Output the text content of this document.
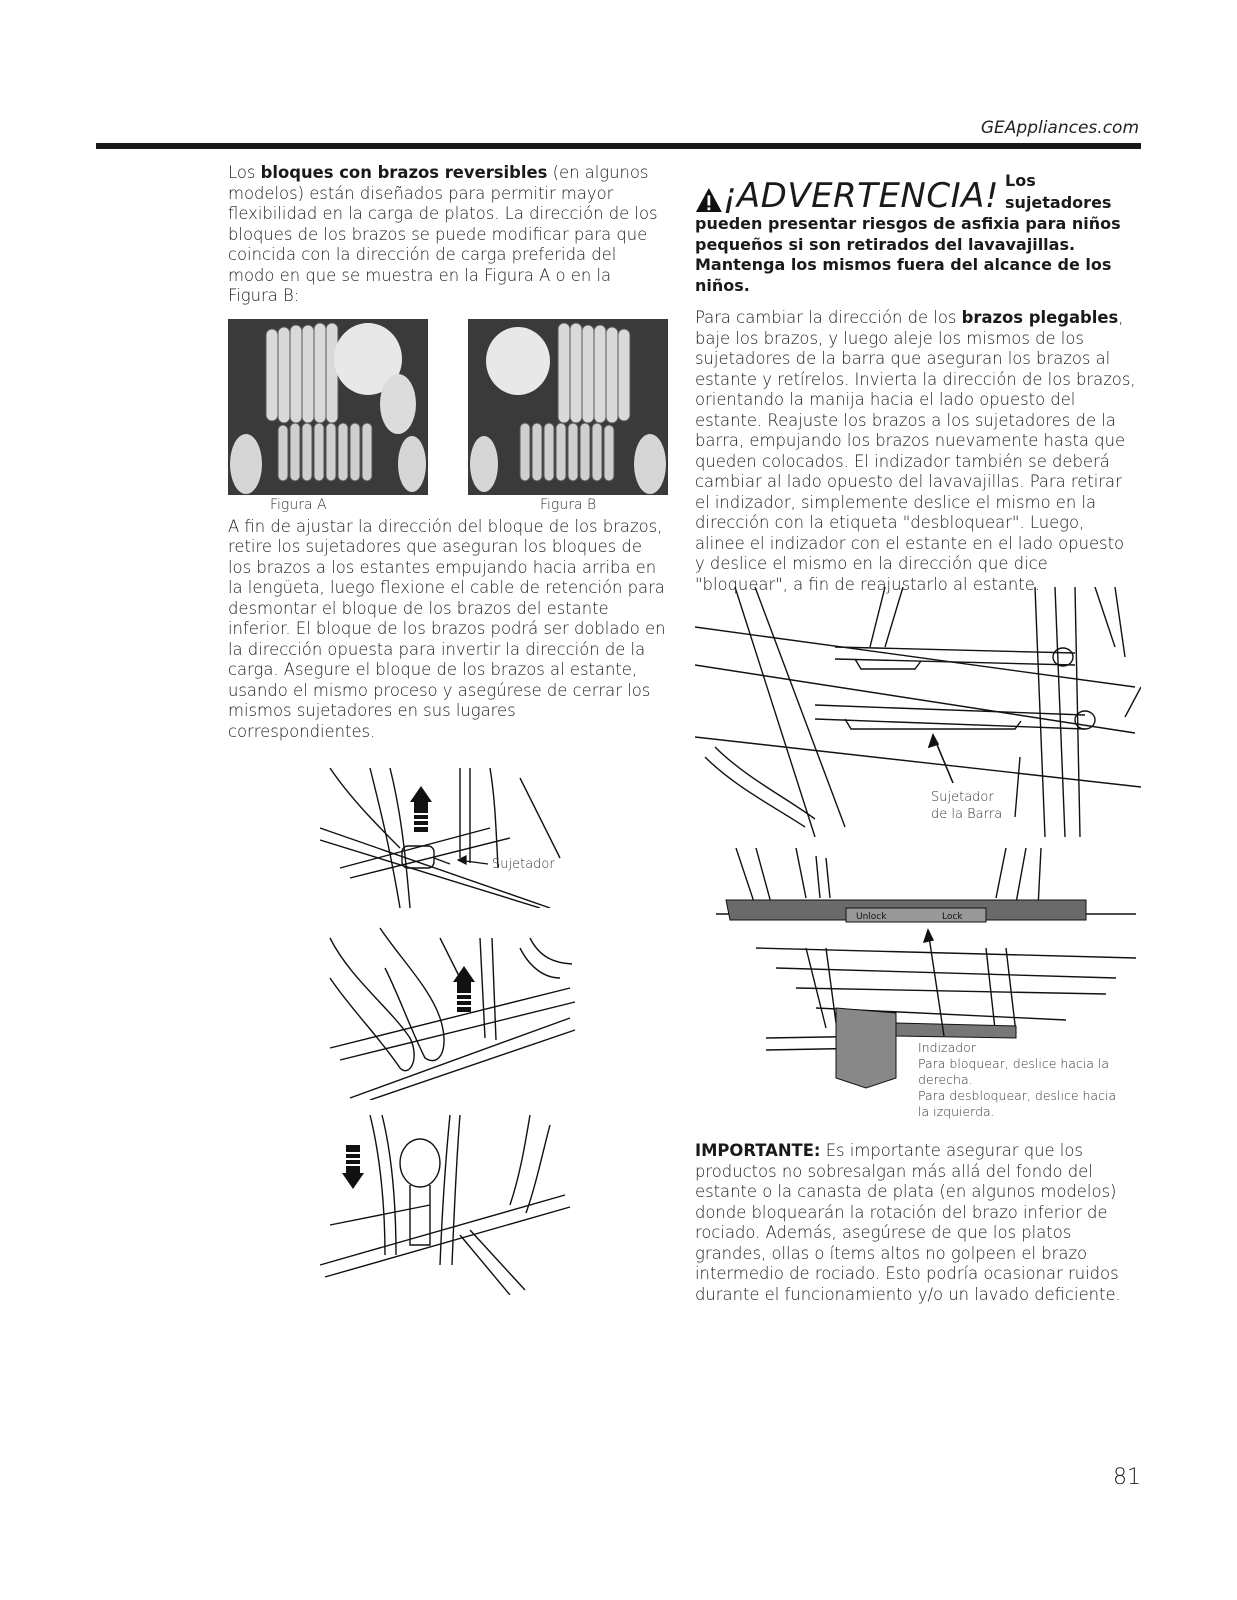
GEAppliances.com

Los bloques con brazos reversibles (en algunos modelos) están diseñados para permitir mayor flexibilidad en la carga de platos. La dirección de los bloques de los brazos se puede modificar para que coincida con la dirección de carga preferida del modo en que se muestra en la Figura A o en la Figura B:

Figura A	Figura B

A fin de ajustar la dirección del bloque de los brazos, retire los sujetadores que aseguran los bloques de los brazos a los estantes empujando hacia arriba en la lengüeta, luego flexione el cable de retención para desmontar el bloque de los brazos del estante inferior. El bloque de los brazos podrá ser doblado en la dirección opuesta para invertir la dirección de la carga. Asegure el bloque de los brazos al estante, usando el mismo proceso y asegúrese de cerrar los mismos sujetadores en sus lugares correspondientes.

Sujetador
¡ADVERTENCIA! Los sujetadores

pueden presentar riesgos de asfixia para niños pequeños si son retirados del lavavajillas. Mantenga los mismos fuera del alcance de los niños.

Para cambiar la dirección de los brazos plegables, baje los brazos, y luego aleje los mismos de los sujetadores de la barra que aseguran los brazos al estante y retírelos. Invierta la dirección de los brazos, orientando la manija hacia el lado opuesto del estante. Reajuste los brazos a los sujetadores de la barra, empujando los brazos nuevamente hasta que queden colocados. El indizador también se deberá cambiar al lado opuesto del lavavajillas. Para retirar el indizador, simplemente deslice el mismo en la dirección con la etiqueta "desbloquear". Luego, alinee el indizador con el estante en el lado opuesto y deslice el mismo en la dirección que dice "bloquear", a fin de reajustarlo al estante.

Sujetador
de la Barra
Unlock	Lock
Indizador
Para bloquear, deslice hacia la
derecha.
Para desbloquear, deslice hacia
la izquierda.

IMPORTANTE: Es importante asegurar que los productos no sobresalgan más allá del fondo del estante o la canasta de plata (en algunos modelos) donde bloquearán la rotación del brazo inferior de rociado. Además, asegúrese de que los platos grandes, ollas o ítems altos no golpeen el brazo intermedio de rociado. Esto podría ocasionar ruidos durante el funcionamiento y/o un lavado deficiente.

81
